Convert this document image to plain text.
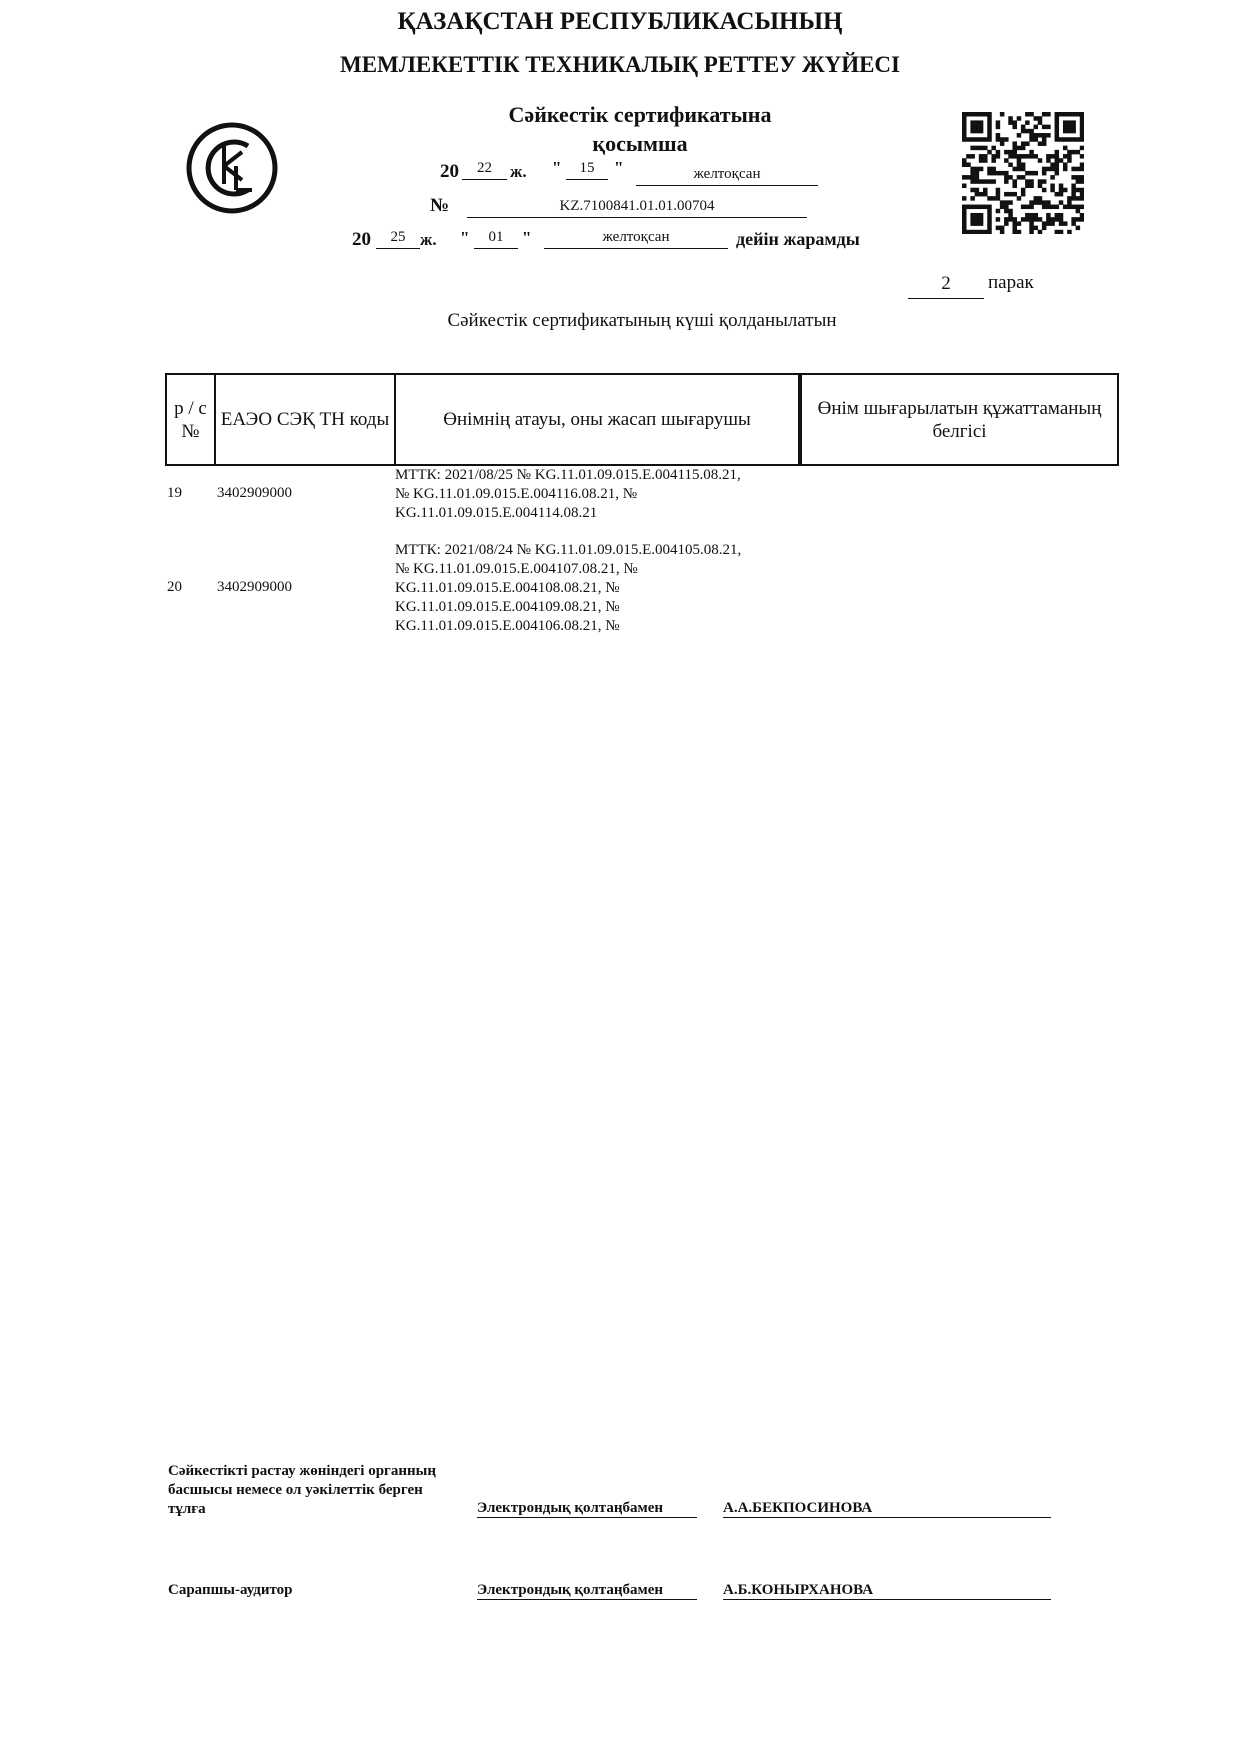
ҚАЗАҚСТАН РЕСПУБЛИКАСЫНЫҢ
МЕМЛЕКЕТТІК ТЕХНИКАЛЫҚ РЕТТЕУ ЖҮЙЕСІ
Сәйкестік сертификатына
қосымша
20	22	ж. "	15	"	желтоқсан
№	KZ.7100841.01.01.00704
20	25 ж. "	01	"	желтоқсан	дейін жарамды
2	парак
Сәйкестік сертификатының күші қолданылатын
р / с №	ЕАЭО СЭҚ ТН коды	Өнімнің атауы, оны жасап шығарушы	Өнім шығарылатын құжаттаманың белгісі
19 3402909000
МТТК: 2021/08/25 № KG.11.01.09.015.E.004115.08.21,
№ KG.11.01.09.015.E.004116.08.21, №
KG.11.01.09.015.E.004114.08.21
20 3402909000
МТТК: 2021/08/24 № KG.11.01.09.015.E.004105.08.21,
№ KG.11.01.09.015.E.004107.08.21, №
KG.11.01.09.015.E.004108.08.21, №
KG.11.01.09.015.E.004109.08.21, №
KG.11.01.09.015.E.004106.08.21, №
Сәйкестікті растау жөніндегі органның
басшысы немесе ол уәкілеттік берген
тұлға	Электрондық қолтаңбамен	А.А.БЕКПОСИНОВА
Сарапшы-аудитор	Электрондық қолтаңбамен	А.Б.КОНЫРХАНОВА
